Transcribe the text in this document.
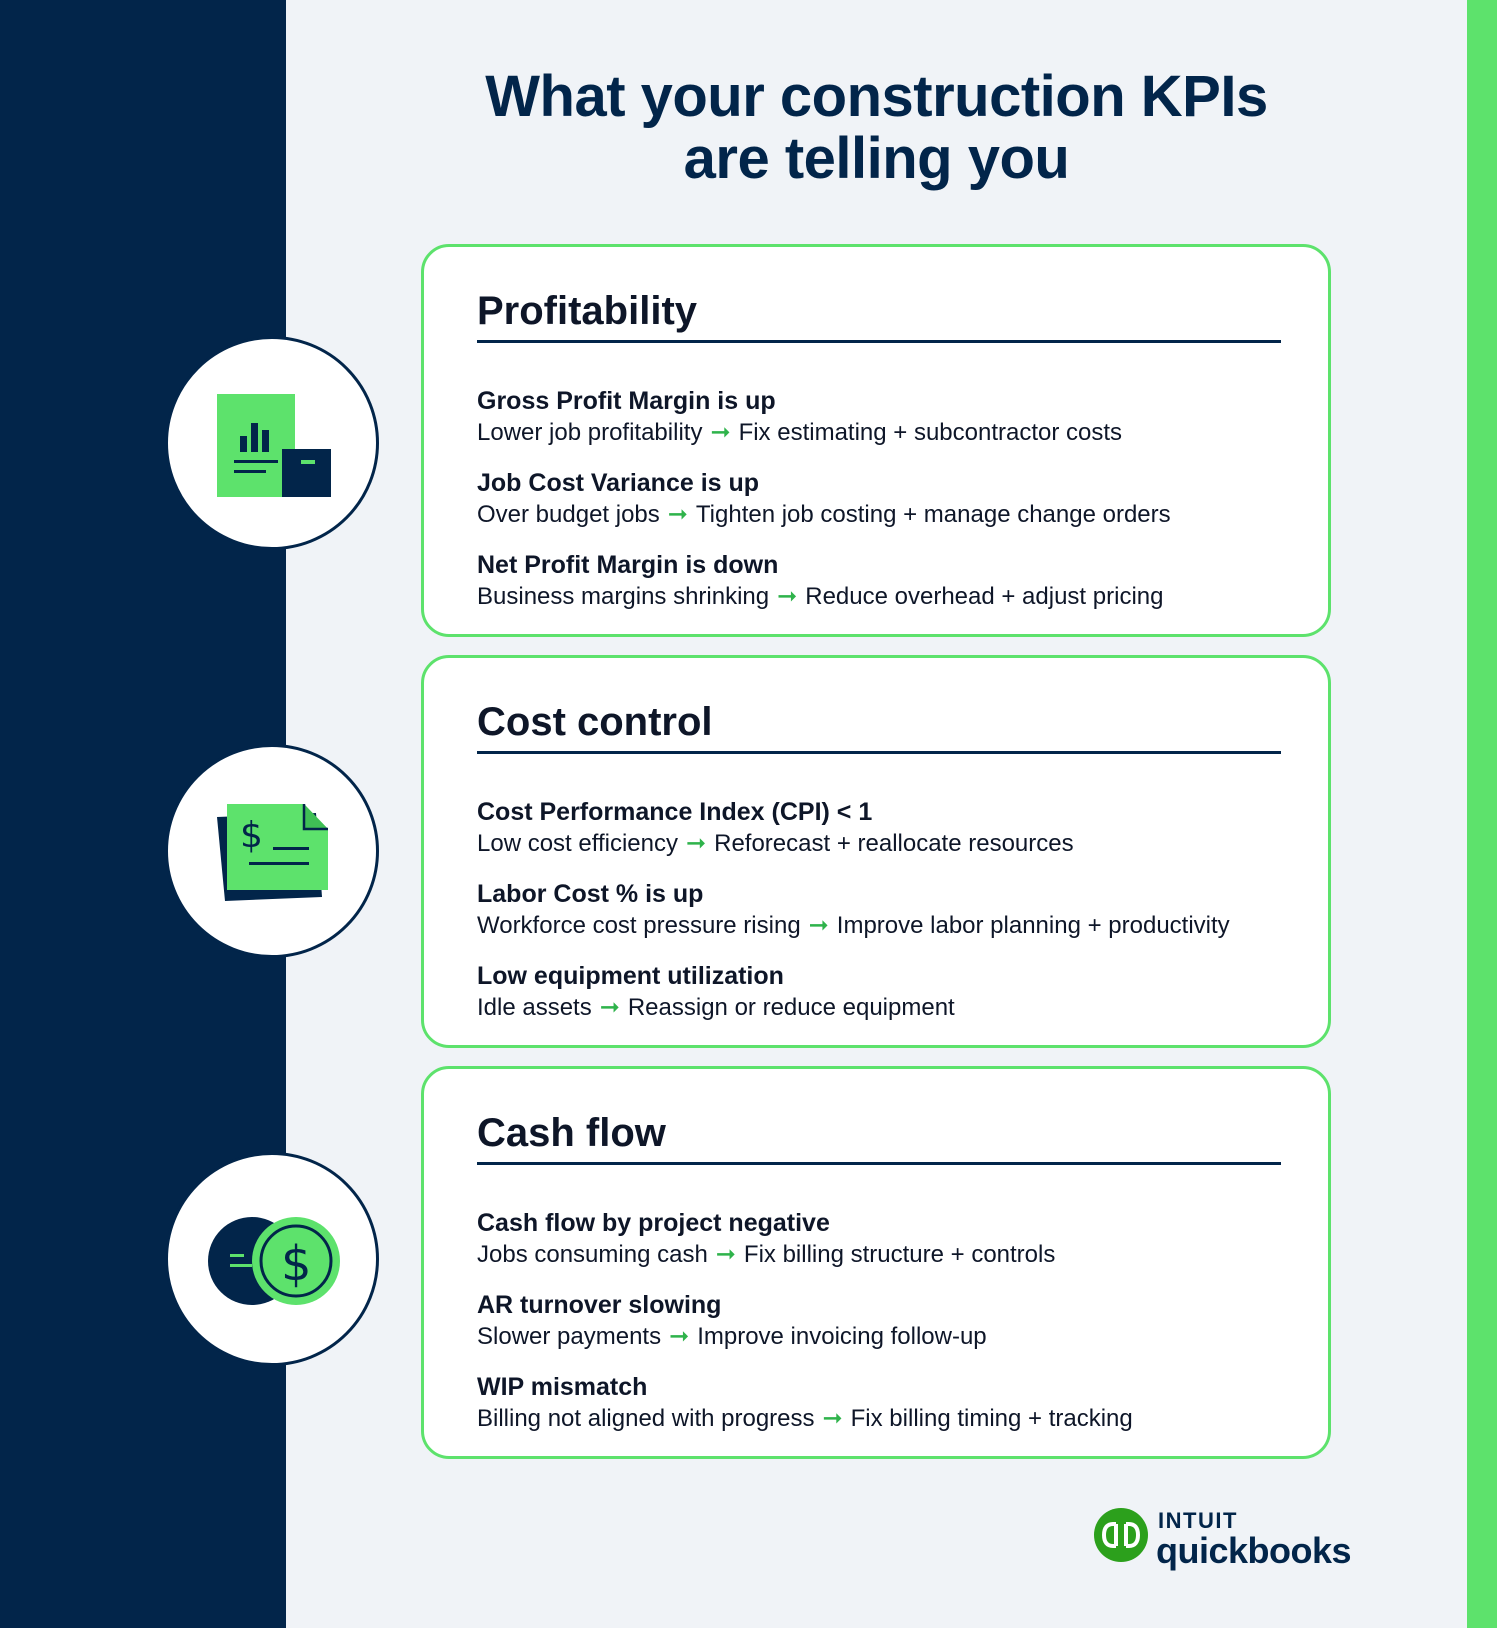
What your construction KPIs
are telling you
$
$
Profitability
Gross Profit Margin is up
Lower job profitability ➞ Fix estimating + subcontractor costs
Job Cost Variance is up
Over budget jobs ➞ Tighten job costing + manage change orders
Net Profit Margin is down
Business margins shrinking ➞ Reduce overhead + adjust pricing
Cost control
Cost Performance Index (CPI) < 1
Low cost efficiency ➞ Reforecast + reallocate resources
Labor Cost % is up
Workforce cost pressure rising ➞ Improve labor planning + productivity
Low equipment utilization
Idle assets ➞ Reassign or reduce equipment
Cash flow
Cash flow by project negative
Jobs consuming cash ➞ Fix billing structure + controls
AR turnover slowing
Slower payments ➞ Improve invoicing follow-up
WIP mismatch
Billing not aligned with progress ➞ Fix billing timing + tracking
INTUIT
quickbooks
